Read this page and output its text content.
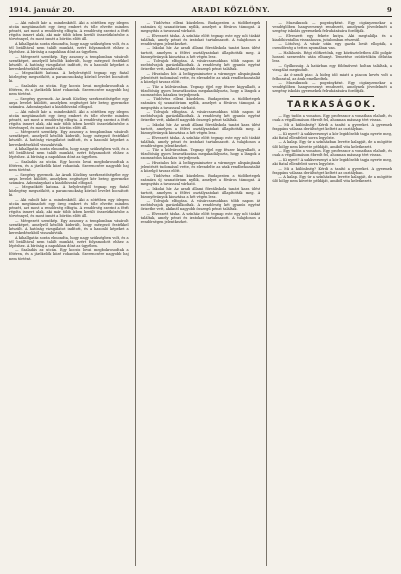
1914. január 20.	ARADI KÖZLÖNY.	9

— Aki rabolt kár a. mindenkitől. Aki a sötétben egy idegen utcán megtámadott egy öreg embert és tőle elvette minden pénzét, azt most a rendőrség elfogta. A rendőrség szerint a férfi régóta ismert alak, aki már több ízben került összeütközésbe a törvénnyel, és most ismét a börtön előtt áll.

A kihallgatás során elmondta, hogy nagy szükségben volt, és a tél beálltával nem talált munkát, ezért folyamodott ehhez a lépéshez. A bíróság a napokban dönt az ügyében.

— Mérgezett szentkép. Egy asszony a templomban vásárolt szentképet, amelyről később kiderült, hogy mérgező festékkel készült. A hatóság vizsgálatot indított, és a hasonló képeket a kereskedésekből visszahívták.

— Megszökött katona. A helyőrségtől tegnap egy fiatal közlegény megszökött, a parancsnokság köröző levelet bocsátott ki.

— Szaladás az utcán. Egy kocsis lovai megbokrosodtak a főtéren, és a járókelők közé rohantak. Szerencsére nagyobb baj nem történt.

— Szegény gyermek. Az Aradi Közlöny szerkesztőségébe egy anya levelet küldött, amelyben segítséget kér beteg gyermeke számára. Adományokat a kiadóhivatal elfogad.

— Aki rabolt kár a. mindenkitől. Aki a sötétben egy idegen utcán megtámadott egy öreg embert és tőle elvette minden pénzét, azt most a rendőrség elfogta. A rendőrség szerint a férfi régóta ismert alak, aki már több ízben került összeütközésbe a törvénnyel, és most ismét a börtön előtt áll.

— Mérgezett szentkép. Egy asszony a templomban vásárolt szentképet, amelyről később kiderült, hogy mérgező festékkel készült. A hatóság vizsgálatot indított, és a hasonló képeket a kereskedésekből visszahívták.

A kihallgatás során elmondta, hogy nagy szükségben volt, és a tél beálltával nem talált munkát, ezért folyamodott ehhez a lépéshez. A bíróság a napokban dönt az ügyében.

— Szaladás az utcán. Egy kocsis lovai megbokrosodtak a főtéren, és a járókelők közé rohantak. Szerencsére nagyobb baj nem történt.

— Szegény gyermek. Az Aradi Közlöny szerkesztőségébe egy anya levelet küldött, amelyben segítséget kér beteg gyermeke számára. Adományokat a kiadóhivatal elfogad.

— Megszökött katona. A helyőrségtől tegnap egy fiatal közlegény megszökött, a parancsnokság köröző levelet bocsátott ki.

— Aki rabolt kár a. mindenkitől. Aki a sötétben egy idegen utcán megtámadott egy öreg embert és tőle elvette minden pénzét, azt most a rendőrség elfogta. A rendőrség szerint a férfi régóta ismert alak, aki már több ízben került összeütközésbe a törvénnyel, és most ismét a börtön előtt áll.

— Mérgezett szentkép. Egy asszony a templomban vásárolt szentképet, amelyről később kiderült, hogy mérgező festékkel készült. A hatóság vizsgálatot indított, és a hasonló képeket a kereskedésekből visszahívták.

A kihallgatás során elmondta, hogy nagy szükségben volt, és a tél beálltával nem talált munkát, ezért folyamodott ehhez a lépéshez. A bíróság a napokban dönt az ügyében.

— Szaladás az utcán. Egy kocsis lovai megbokrosodtak a főtéren, és a járókelők közé rohantak. Szerencsére nagyobb baj nem történt.

— Tüdővész elleni küzdelem. Budapesten a tüdőbetegek számára új szanatórium nyílik, amelyet a főváros támogat. A megnyitás a tavasszal várható.

— Elveszett táska. A színház előtt tegnap este egy női táskát találtak, amely pénzt és iratokat tartalmazott. A tulajdonos a rendőrségen jelentkezhet.

— Iskolai hír. Az aradi állami főreáliskola tanári kara ülést tartott, amelyen a félévi osztályzatokat állapították meg. A bizonyítványok kiosztása a hét végén lesz.

— Tolvajok elfogása. A vásárcsarnokban több napon át zsebtolvajok garázdálkodtak. A rendőrség két gyanús egyént őrizetbe vett, akiknél nagyobb összegű pénzt találtak.

— Hivatalos hír. A belügyminiszter a vármegye alispánjának jelentését tudomásul vette, és elrendelte az utak rendbehozatalát a közelgő tavasz előtt.

— Tűz a külvárosban. Tegnap éjjel egy fészer kigyulladt, a tűzoltóság gyors beavatkozása megakadályozta, hogy a lángok a szomszédos házakra terjedjenek.

— Tüdővész elleni küzdelem. Budapesten a tüdőbetegek számára új szanatórium nyílik, amelyet a főváros támogat. A megnyitás a tavasszal várható.

— Tolvajok elfogása. A vásárcsarnokban több napon át zsebtolvajok garázdálkodtak. A rendőrség két gyanús egyént őrizetbe vett, akiknél nagyobb összegű pénzt találtak.

— Iskolai hír. Az aradi állami főreáliskola tanári kara ülést tartott, amelyen a félévi osztályzatokat állapították meg. A bizonyítványok kiosztása a hét végén lesz.

— Elveszett táska. A színház előtt tegnap este egy női táskát találtak, amely pénzt és iratokat tartalmazott. A tulajdonos a rendőrségen jelentkezhet.

— Tűz a külvárosban. Tegnap éjjel egy fészer kigyulladt, a tűzoltóság gyors beavatkozása megakadályozta, hogy a lángok a szomszédos házakra terjedjenek.

— Hivatalos hír. A belügyminiszter a vármegye alispánjának jelentését tudomásul vette, és elrendelte az utak rendbehozatalát a közelgő tavasz előtt.

— Tüdővész elleni küzdelem. Budapesten a tüdőbetegek számára új szanatórium nyílik, amelyet a főváros támogat. A megnyitás a tavasszal várható.

— Iskolai hír. Az aradi állami főreáliskola tanári kara ülést tartott, amelyen a félévi osztályzatokat állapították meg. A bizonyítványok kiosztása a hét végén lesz.

— Tolvajok elfogása. A vásárcsarnokban több napon át zsebtolvajok garázdálkodtak. A rendőrség két gyanús egyént őrizetbe vett, akiknél nagyobb összegű pénzt találtak.

— Elveszett táska. A színház előtt tegnap este egy női táskát találtak, amely pénzt és iratokat tartalmazott. A tulajdonos a rendőrségen jelentkezhet.

— Muzsikusok — pogrányként. Egy cigányzenekar a vendéglőben hangversenyt rendezett, amelynek jövedelmét a szegény iskolás gyermekek felruházására fordítják.

— Elveszett egy fekete kutya. Aki megtalálja és a kiadóhivatalba visszahozza, jutalomban részesül.

— Lótolvaj. A vásár után egy gazda lovát ellopták, a csendőrség a tettes nyomában van.

— Halálozás. Régi előfizetőnk, egy köztiszteletben álló polgár hosszú szenvedés után elhunyt. Temetése csütörtökön délután lesz.

— Gyilkosság. A határban egy földművest holtan találtak, a vizsgálat megindult.

— Az ó-aradi piac. A hideg idő miatt a piacon kevés volt a felhozatal, az árak emelkedtek.

— Muzsikusok — pogrányként. Egy cigányzenekar a vendéglőben hangversenyt rendezett, amelynek jövedelmét a szegény iskolás gyermekek felruházására fordítják.

TARKASÁGOK.

— Egy tudós a vonaton. Egy professzor a vonatban elaludt, és csak a végállomáson ébredt fel, ahonnan másnap tért vissza.

— Mi a különbség? Kérdi a tanító a gyereket. A gyermek frappáns válasza derültséget keltett az osztályban.

— Ki nyert? A sakkversenyt a kör legidősebb tagja nyerte meg, aki fiatal ellenfeleit sorra legyőzte.

— A kalap. Egy úr a színházban levette kalapját, de a mögötte ülő hölgy nem követte példáját, amiből vita keletkezett.

— Egy tudós a vonaton. Egy professzor a vonatban elaludt, és csak a végállomáson ébredt fel, ahonnan másnap tért vissza.

— Ki nyert? A sakkversenyt a kör legidősebb tagja nyerte meg, aki fiatal ellenfeleit sorra legyőzte.

— Mi a különbség? Kérdi a tanító a gyereket. A gyermek frappáns válasza derültséget keltett az osztályban.

— A kalap. Egy úr a színházban levette kalapját, de a mögötte ülő hölgy nem követte példáját, amiből vita keletkezett.
